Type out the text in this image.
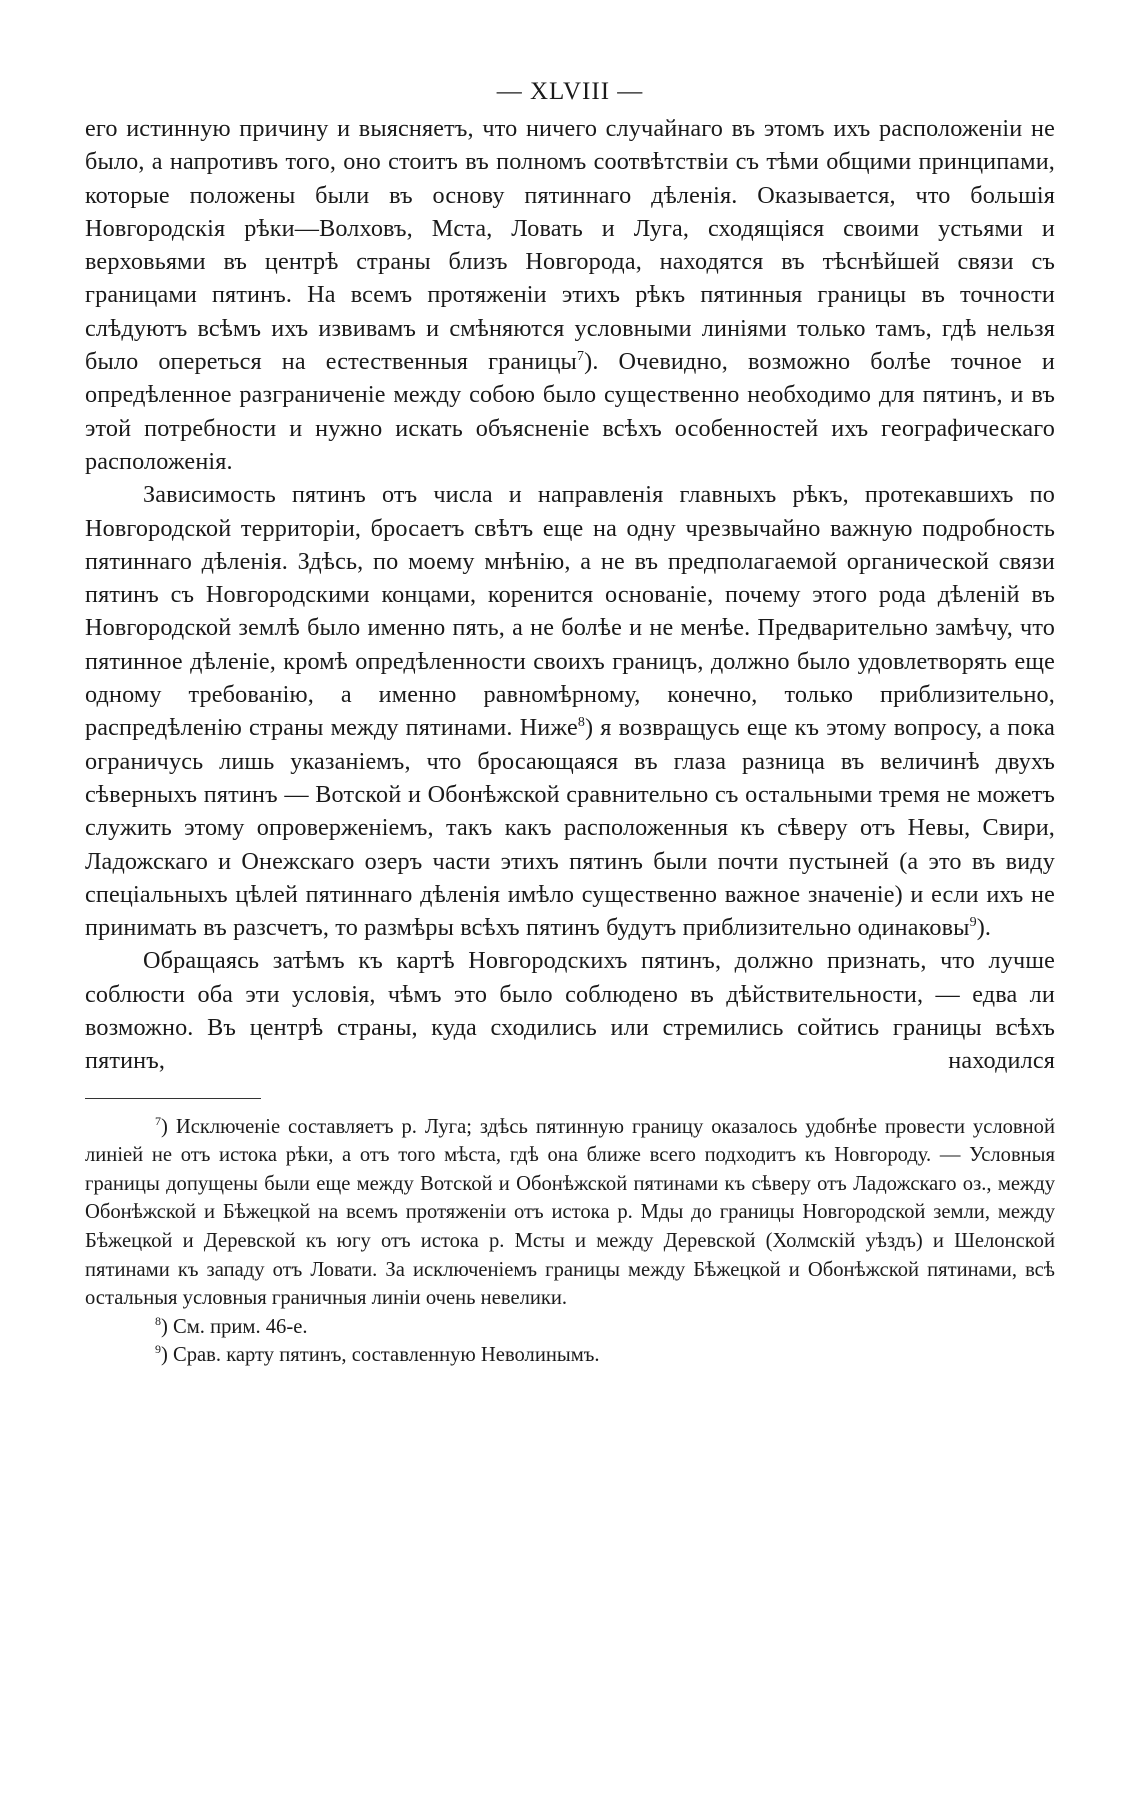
— XLVIII —

его истинную причину и выясняетъ, что ничего случайнаго въ этомъ ихъ расположеніи не было, а напротивъ того, оно стоитъ въ полномъ соотвѣтствіи съ тѣми общими принципами, которые положены были въ основу пятиннаго дѣленія. Оказывается, что большія Новгородскія рѣки—Волховъ, Мста, Ловать и Луга, сходящіяся своими устьями и верховьями въ центрѣ страны близъ Новгорода, находятся въ тѣснѣйшей связи съ границами пятинъ. На всемъ протяженіи этихъ рѣкъ пятинныя границы въ точности слѣдуютъ всѣмъ ихъ извивамъ и смѣняются условными линіями только тамъ, гдѣ нельзя было опереться на естественныя границы$^7$). Очевидно, возможно болѣе точное и опредѣленное разграниченіе между собою было существенно необходимо для пятинъ, и въ этой потребности и нужно искать объясненіе всѣхъ особенностей ихъ географическаго расположенія.

Зависимость пятинъ отъ числа и направленія главныхъ рѣкъ, протекавшихъ по Новгородской территоріи, бросаетъ свѣтъ еще на одну чрезвычайно важную подробность пятиннаго дѣленія. Здѣсь, по моему мнѣнію, а не въ предполагаемой органической связи пятинъ съ Новгородскими концами, коренится основаніе, почему этого рода дѣленій въ Новгородской землѣ было именно пять, а не болѣе и не менѣе. Предварительно замѣчу, что пятинное дѣленіе, кромѣ опредѣленности своихъ границъ, должно было удовлетворять еще одному требованію, а именно равномѣрному, конечно, только приблизительно, распредѣленію страны между пятинами. Ниже$^8$) я возвращусь еще къ этому вопросу, а пока ограничусь лишь указаніемъ, что бросающаяся въ глаза разница въ величинѣ двухъ сѣверныхъ пятинъ — Вотской и Обонѣжской сравнительно съ остальными тремя не можетъ служить этому опроверженіемъ, такъ какъ расположенныя къ сѣверу отъ Невы, Свири, Ладожскаго и Онежскаго озеръ части этихъ пятинъ были почти пустыней (а это въ виду спеціальныхъ цѣлей пятиннаго дѣленія имѣло существенно важное значеніе) и если ихъ не принимать въ разсчетъ, то размѣры всѣхъ пятинъ будутъ приблизительно одинаковы$^9$).

Обращаясь затѣмъ къ картѣ Новгородскихъ пятинъ, должно признать, что лучше соблюсти оба эти условія, чѣмъ это было соблюдено въ дѣйствительности, — едва ли возможно. Въ центрѣ страны, куда сходились или стремились сойтись границы всѣхъ пятинъ, находился

$^7$) Исключеніе составляетъ р. Луга; здѣсь пятинную границу оказалось удобнѣе провести условной линіей не отъ истока рѣки, а отъ того мѣста, гдѣ она ближе всего подходитъ къ Новгороду. — Условныя границы допущены были еще между Вотской и Обонѣжской пятинами къ сѣверу отъ Ладожскаго оз., между Обонѣжской и Бѣжецкой на всемъ протяженіи отъ истока р. Мды до границы Новгородской земли, между Бѣжецкой и Деревской къ югу отъ истока р. Мсты и между Деревской (Холмскій уѣздъ) и Шелонской пятинами къ западу отъ Ловати. За исключеніемъ границы между Бѣжецкой и Обонѣжской пятинами, всѣ остальныя условныя граничныя линіи очень невелики.

$^8$) См. прим. 46-е.

$^9$) Срав. карту пятинъ, составленную Неволинымъ.
